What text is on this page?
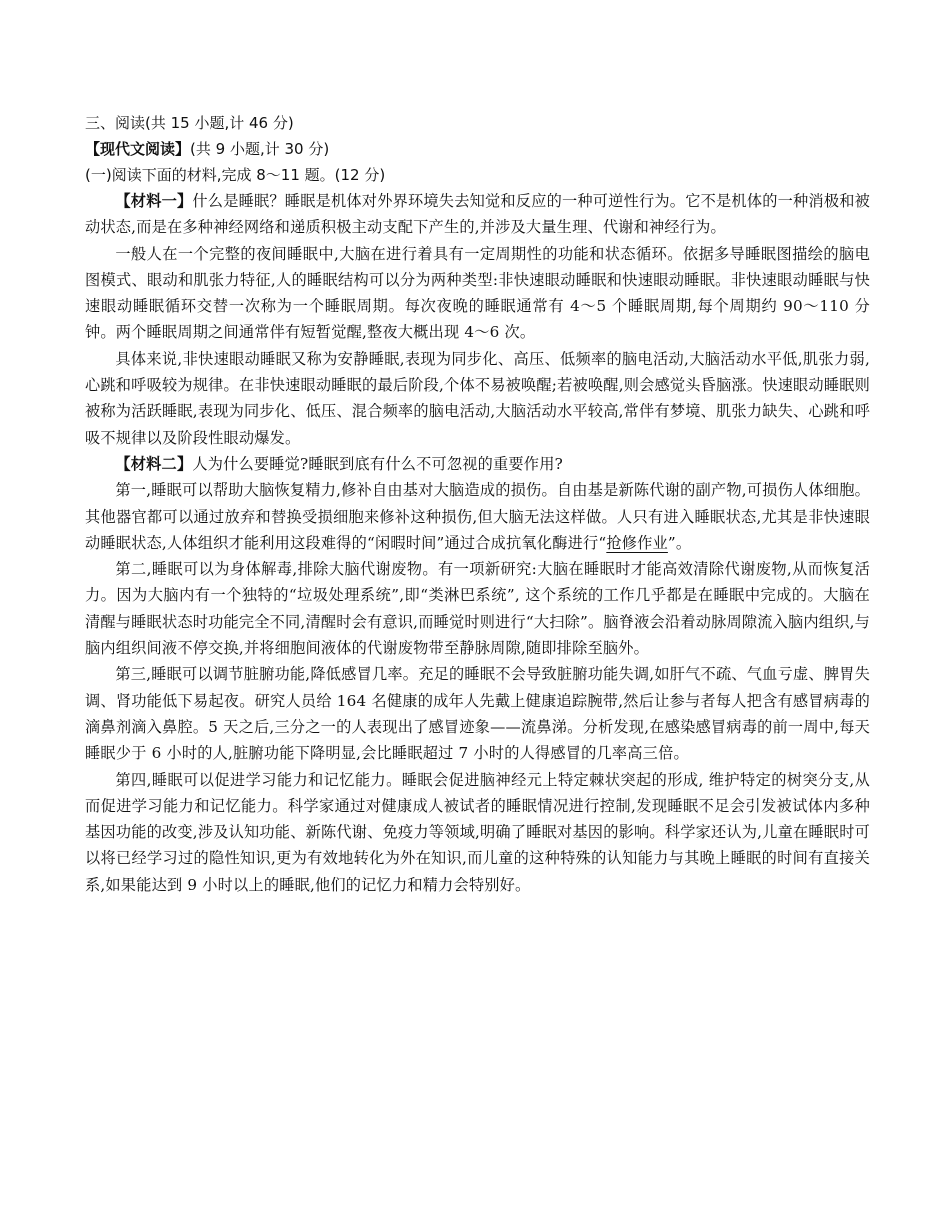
三、阅读(共 15 小题,计 46 分)

【现代文阅读】(共 9 小题,计 30 分)

(一)阅读下面的材料,完成 8～11 题。(12 分)

【材料一】什么是睡眠？睡眠是机体对外界环境失去知觉和反应的一种可逆性行为。它不是机体的一种消极和被动状态,而是在多种神经网络和递质积极主动支配下产生的,并涉及大量生理、代谢和神经行为。

一般人在一个完整的夜间睡眠中,大脑在进行着具有一定周期性的功能和状态循环。依据多导睡眠图描绘的脑电图模式、眼动和肌张力特征,人的睡眠结构可以分为两种类型:非快速眼动睡眠和快速眼动睡眠。非快速眼动睡眠与快速眼动睡眠循环交替一次称为一个睡眠周期。每次夜晚的睡眠通常有 4～5 个睡眠周期,每个周期约 90～110 分钟。两个睡眠周期之间通常伴有短暂觉醒,整夜大概出现 4～6 次。

具体来说,非快速眼动睡眠又称为安静睡眠,表现为同步化、高压、低频率的脑电活动,大脑活动水平低,肌张力弱,心跳和呼吸较为规律。在非快速眼动睡眠的最后阶段,个体不易被唤醒;若被唤醒,则会感觉头昏脑涨。快速眼动睡眠则被称为活跃睡眠,表现为同步化、低压、混合频率的脑电活动,大脑活动水平较高,常伴有梦境、肌张力缺失、心跳和呼吸不规律以及阶段性眼动爆发。

【材料二】人为什么要睡觉?睡眠到底有什么不可忽视的重要作用?

第一,睡眠可以帮助大脑恢复精力,修补自由基对大脑造成的损伤。自由基是新陈代谢的副产物,可损伤人体细胞。其他器官都可以通过放弃和替换受损细胞来修补这种损伤,但大脑无法这样做。人只有进入睡眠状态,尤其是非快速眼动睡眠状态,人体组织才能利用这段难得的“闲暇时间”通过合成抗氧化酶进行“抢修作业”。

第二,睡眠可以为身体解毒,排除大脑代谢废物。有一项新研究:大脑在睡眠时才能高效清除代谢废物,从而恢复活力。因为大脑内有一个独特的“垃圾处理系统”,即“类淋巴系统”, 这个系统的工作几乎都是在睡眠中完成的。大脑在清醒与睡眠状态时功能完全不同,清醒时会有意识,而睡觉时则进行“大扫除”。脑脊液会沿着动脉周隙流入脑内组织,与脑内组织间液不停交换,并将细胞间液体的代谢废物带至静脉周隙,随即排除至脑外。

第三,睡眠可以调节脏腑功能,降低感冒几率。充足的睡眠不会导致脏腑功能失调,如肝气不疏、气血亏虚、脾胃失调、肾功能低下易起夜。研究人员给 164 名健康的成年人先戴上健康追踪腕带,然后让参与者每人把含有感冒病毒的滴鼻剂滴入鼻腔。5 天之后,三分之一的人表现出了感冒迹象——流鼻涕。分析发现,在感染感冒病毒的前一周中,每天睡眠少于 6 小时的人,脏腑功能下降明显,会比睡眠超过 7 小时的人得感冒的几率高三倍。

第四,睡眠可以促进学习能力和记忆能力。睡眠会促进脑神经元上特定棘状突起的形成, 维护特定的树突分支,从而促进学习能力和记忆能力。科学家通过对健康成人被试者的睡眠情况进行控制,发现睡眠不足会引发被试体内多种基因功能的改变,涉及认知功能、新陈代谢、免疫力等领域,明确了睡眠对基因的影响。科学家还认为,儿童在睡眠时可以将已经学习过的隐性知识,更为有效地转化为外在知识,而儿童的这种特殊的认知能力与其晚上睡眠的时间有直接关系,如果能达到 9 小时以上的睡眠,他们的记忆力和精力会特别好。
